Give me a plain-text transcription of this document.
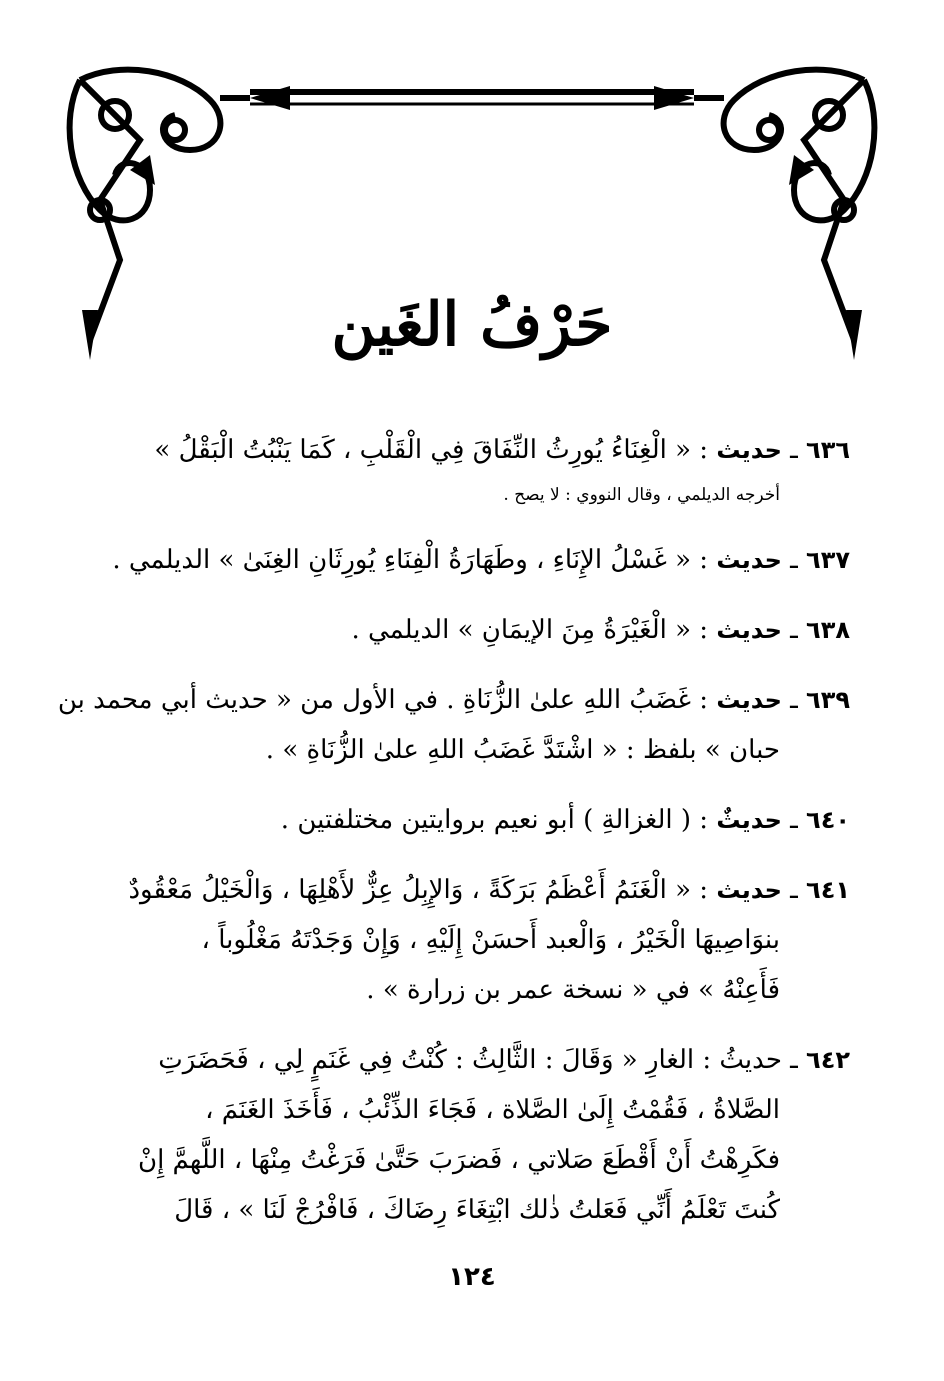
حَرْفُ الغَين
٦٣٦ ـ حديث : « الْغِنَاءُ يُورِثُ النِّفَاقَ فِي الْقَلْبِ ، كَمَا يَنْبُتُ الْبَقْلُ »
أخرجه الديلمي ، وقال النووي : لا يصح .
٦٣٧ ـ حديث : « غَسْلُ الإِنَاءِ ، وطَهَارَةُ الْفِنَاءِ يُورِثَانِ الغِنَىٰ » الديلمي .
٦٣٨ ـ حديث : « الْغَيْرَةُ مِنَ الإيمَانِ » الديلمي .
٦٣٩ ـ حديث : غَضَبُ اللهِ علىٰ الزُّنَاةِ . في الأول من « حديث أبي محمد بن
حبان » بلفظ : « اشْتَدَّ غَضَبُ اللهِ علىٰ الزُّنَاةِ » .
٦٤٠ ـ حديثٌ : ( الغزالةِ ) أبو نعيم بروايتين مختلفتين .
٦٤١ ـ حديث : « الْغَنَمُ أَعْظَمُ بَرَكَةً ، وَالإِبِلُ عِزٌّ لأَهْلِهَا ، وَالْخَيْلُ مَعْقُودٌ
بنوَاصِيهَا الْخَيْرُ ، وَالْعبد أَحسَنْ إِلَيْهِ ، وَإِنْ وَجَدْتَهُ مَغْلُوباً ،
فَأَعِنْهُ » في « نسخة عمر بن زرارة » .
٦٤٢ ـ حديثُ : الغارِ « وَقَالَ : الثَّالِثُ : كُنْتُ فِي غَنَمٍ لِي ، فَحَضَرَتِ
الصَّلاةُ ، فَقُمْتُ إِلَىٰ الصَّلاة ، فَجَاءَ الذِّئْبُ ، فَأَخَذَ الغَنَمَ ،
فكَرِهْتُ أَنْ أَقْطَعَ صَلاتي ، فَضرَبَ حَتَّىٰ فَرَغْتُ مِنْهَا ، اللَّهمَّ إِنْ
كُنتَ تَعْلَمُ أَنِّي فَعَلتُ ذٰلك ابْتِغَاءَ رِضَاكَ ، فَافْرُجْ لَنَا » ، قَالَ
١٢٤
